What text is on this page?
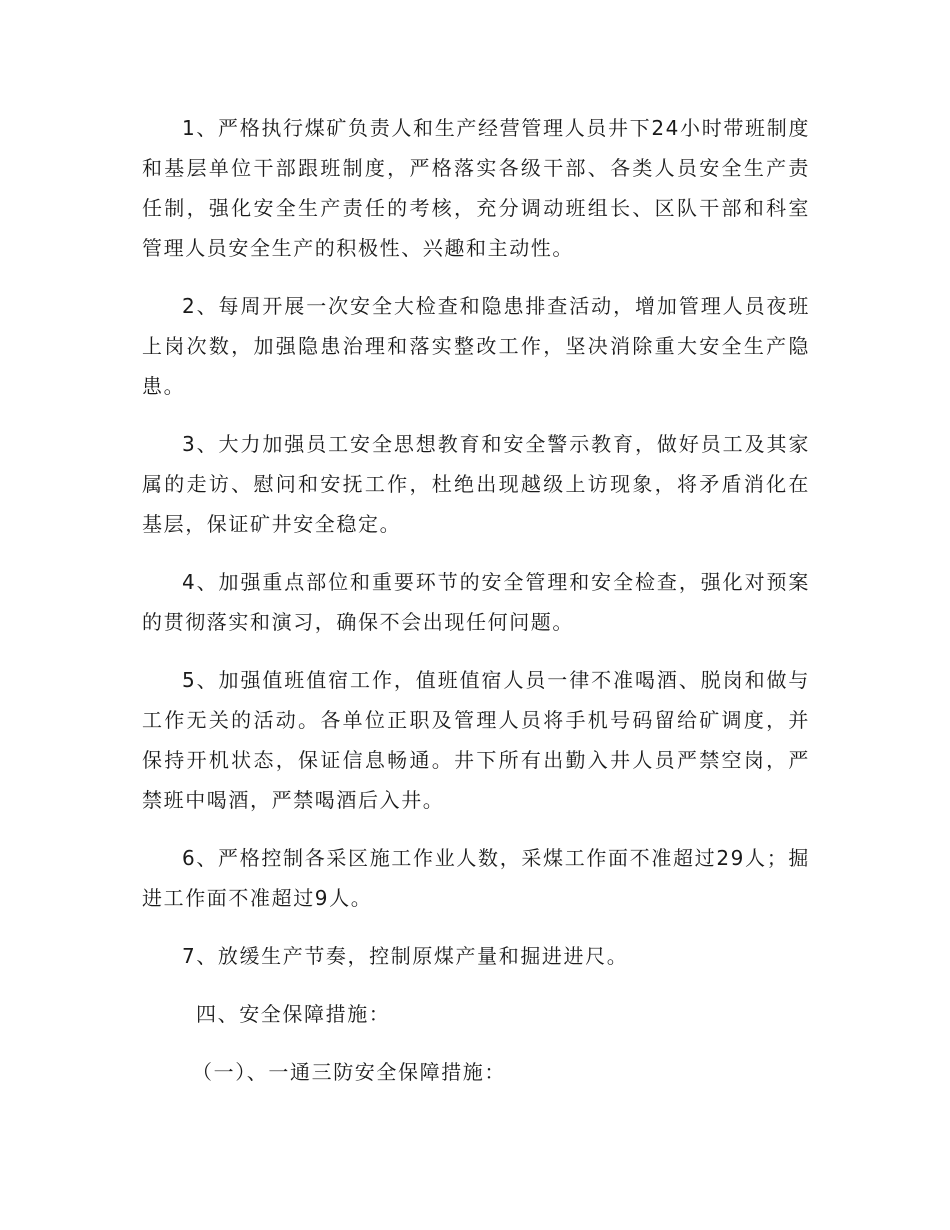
1、严格执行煤矿负责人和生产经营管理人员井下24小时带班制度和基层单位干部跟班制度，严格落实各级干部、各类人员安全生产责任制，强化安全生产责任的考核，充分调动班组长、区队干部和科室管理人员安全生产的积极性、兴趣和主动性。

2、每周开展一次安全大检查和隐患排查活动，增加管理人员夜班上岗次数，加强隐患治理和落实整改工作，坚决消除重大安全生产隐患。

3、大力加强员工安全思想教育和安全警示教育，做好员工及其家属的走访、慰问和安抚工作，杜绝出现越级上访现象，将矛盾消化在基层，保证矿井安全稳定。

4、加强重点部位和重要环节的安全管理和安全检查，强化对预案的贯彻落实和演习，确保不会出现任何问题。

5、加强值班值宿工作，值班值宿人员一律不准喝酒、脱岗和做与工作无关的活动。各单位正职及管理人员将手机号码留给矿调度，并保持开机状态，保证信息畅通。井下所有出勤入井人员严禁空岗，严禁班中喝酒，严禁喝酒后入井。

6、严格控制各采区施工作业人数，采煤工作面不准超过29人；掘进工作面不准超过9人。

7、放缓生产节奏，控制原煤产量和掘进进尺。

四、安全保障措施：

（一）、一通三防安全保障措施：
